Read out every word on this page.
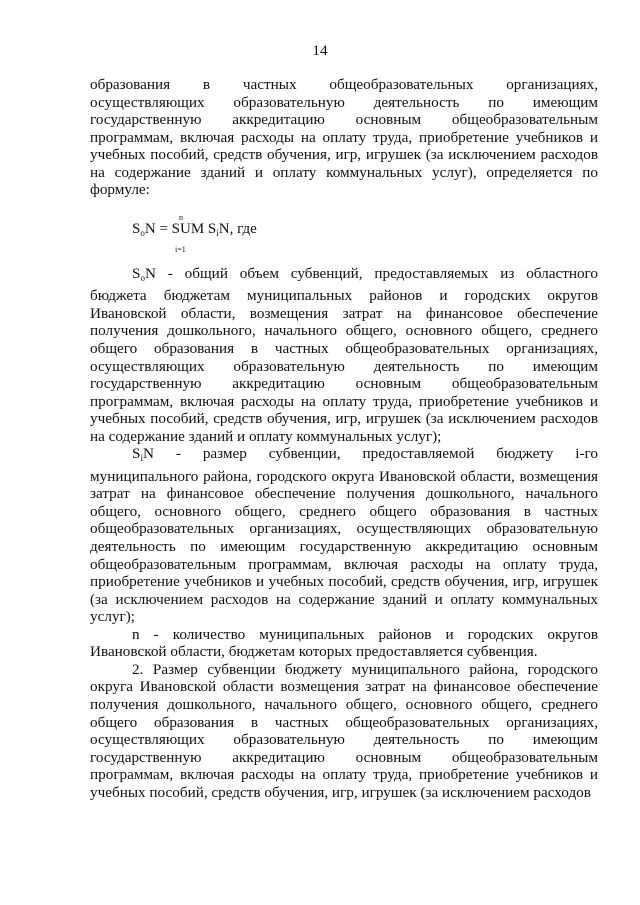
14

образования в частных общеобразовательных организациях, осуществляющих образовательную деятельность по имеющим государственную аккредитацию основным общеобразовательным программам, включая расходы на оплату труда, приобретение учебников и учебных пособий, средств обучения, игр, игрушек (за исключением расходов на содержание зданий и оплату коммунальных услуг), определяется по формуле:

n
$S_oN$ = SUM $S_iN$, где
i=1

$S_oN$ - общий объем субвенций, предоставляемых из областного бюджета бюджетам муниципальных районов и городских округов Ивановской области, возмещения затрат на финансовое обеспечение получения дошкольного, начального общего, основного общего, среднего общего образования в частных общеобразовательных организациях, осуществляющих образовательную деятельность по имеющим государственную аккредитацию основным общеобразовательным программам, включая расходы на оплату труда, приобретение учебников и учебных пособий, средств обучения, игр, игрушек (за исключением расходов на содержание зданий и оплату коммунальных услуг);

$S_iN$ - размер субвенции, предоставляемой бюджету i-го муниципального района, городского округа Ивановской области, возмещения затрат на финансовое обеспечение получения дошкольного, начального общего, основного общего, среднего общего образования в частных общеобразовательных организациях, осуществляющих образовательную деятельность по имеющим государственную аккредитацию основным общеобразовательным программам, включая расходы на оплату труда, приобретение учебников и учебных пособий, средств обучения, игр, игрушек (за исключением расходов на содержание зданий и оплату коммунальных услуг);

n - количество муниципальных районов и городских округов Ивановской области, бюджетам которых предоставляется субвенция.

2. Размер субвенции бюджету муниципального района, городского округа Ивановской области возмещения затрат на финансовое обеспечение получения дошкольного, начального общего, основного общего, среднего общего образования в частных общеобразовательных организациях, осуществляющих образовательную деятельность по имеющим государственную аккредитацию основным общеобразовательным программам, включая расходы на оплату труда, приобретение учебников и учебных пособий, средств обучения, игр, игрушек (за исключением расходов
